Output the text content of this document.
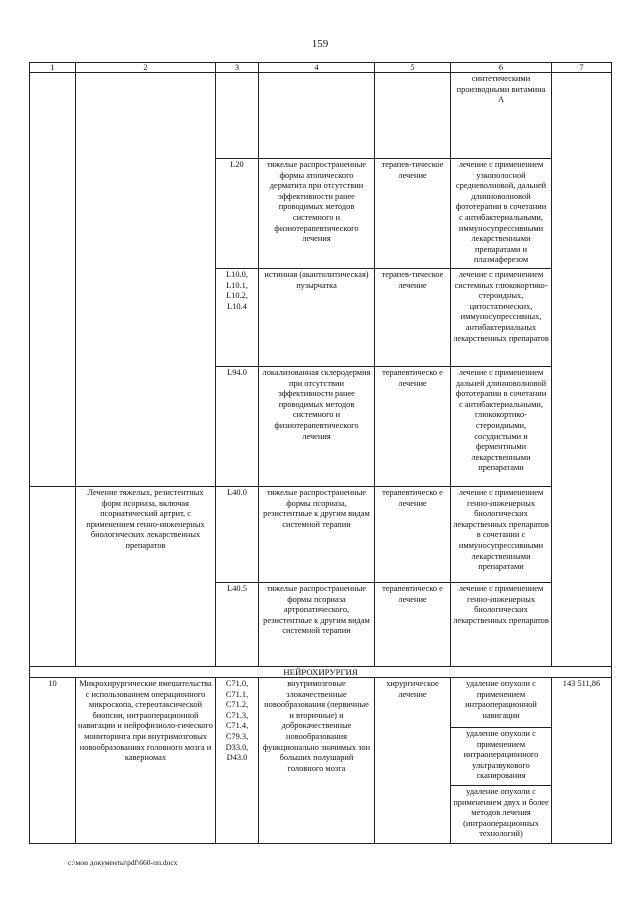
159
1	2	3	4	5	6	7
					синтетическими производными витамина А	
		L20	тяжелые распространенные формы атопического дерматита при отсутствии эффективности ранее проводимых методов системного и физиотерапевтического лечения	терапев-тическое лечение	лечение с применением узкополосной средневолновой, дальней длинноволновой фототерапии в сочетании с антибактериальными, иммуносупрессивными лекарственными препаратами и плазмаферезом	
		L10.0, L10.1, L10.2, L10.4	истинная (акантолитическая) пузырчатка	терапев-тическое лечение	лечение с применением системных глюкокортико-стероидных, цитостатических, иммуносупрессивных, антибактериальных лекарственных препаратов	
		L94.0	локализованная склеродермия при отсутствии эффективности ранее проводимых методов системного и физиотерапевтического лечения	терапевтическо е лечение	лечение с применением дальней длинноволновой фототерапии в сочетании с антибактериальными, глюкокортико-стероидными, сосудистыми и ферментными лекарственными препаратами	
	Лечение тяжелых, резистентных форм псориаза, включая псориатический артрит, с применением генно-инженерных биологических лекарственных препаратов	L40.0	тяжелые распространенные формы псориаза, резистентные к другим видам системной терапии	терапевтическо е лечение	лечение с применением генно-инженерных биологических лекарственных препаратов в сочетании с иммуносупрессивными лекарственными препаратами	
		L40.5	тяжелые распространенные формы псориаза артропатического, резистентные к другим видам системной терапии	терапевтическо е лечение	лечение с применением генно-инженерных биологических лекарственных препаратов	
НЕЙРОХИРУРГИЯ						
10	Микрохирургические вмешательства с использованием операционного микроскопа, стереотаксической биопсии, интраоперационной навигации и нейрофизиоло-гического мониторинга при внутримозговых новообразованиях головного мозга и каверномах	C71.0, C71.1, C71.2, C71.3, C71.4, C79.3, D33.0, D43.0	внутримозговые злокачественные новообразования (первичные и вторичные) и доброкачественные новообразования функционально значимых зон больших полушарий головного мозга	хирургическое лечение	удаление опухоли с применением интраоперационной навигации	143 511,86
					удаление опухоли с применением интраоперационного ультразвукового сканирования	
					удаление опухоли с применением двух и более методов лечения (интраоперационных технологий)	
c:\мои документы\pdf\660-пп.docx
